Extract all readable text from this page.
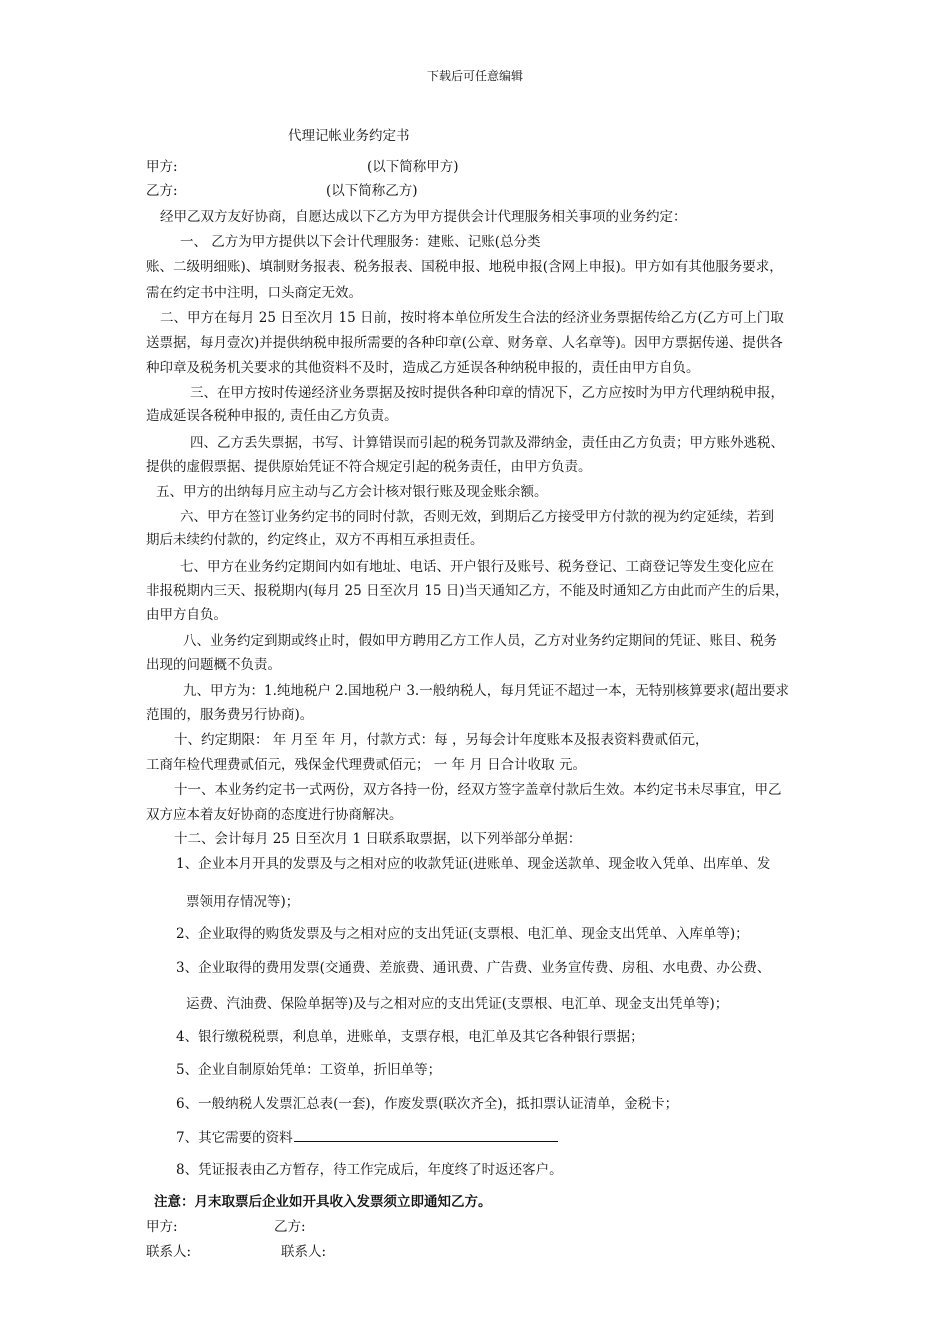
下载后可任意编辑
代理记帐业务约定书
甲方:	(以下简称甲方)
乙方:	(以下简称乙方)
经甲乙双方友好协商，自愿达成以下乙方为甲方提供会计代理服务相关事项的业务约定：
一、 乙方为甲方提供以下会计代理服务：建账、记账(总分类
账、二级明细账)、填制财务报表、税务报表、国税申报、地税申报(含网上申报)。甲方如有其他服务要求，
需在约定书中注明，口头商定无效。
二、甲方在每月 25 日至次月 15 日前，按时将本单位所发生合法的经济业务票据传给乙方(乙方可上门取
送票据，每月壹次)并提供纳税申报所需要的各种印章(公章、财务章、人名章等)。因甲方票据传递、提供各
种印章及税务机关要求的其他资料不及时，造成乙方延误各种纳税申报的，责任由甲方自负。
三、在甲方按时传递经济业务票据及按时提供各种印章的情况下，乙方应按时为甲方代理纳税申报，
造成延误各税种申报的, 责任由乙方负责。
四、乙方丢失票据，书写、计算错误而引起的税务罚款及滞纳金，责任由乙方负责；甲方账外逃税、
提供的虚假票据、提供原始凭证不符合规定引起的税务责任，由甲方负责。
五、甲方的出纳每月应主动与乙方会计核对银行账及现金账余额。
六、甲方在签订业务约定书的同时付款，否则无效，到期后乙方接受甲方付款的视为约定延续，若到
期后未续约付款的，约定终止，双方不再相互承担责任。
七、甲方在业务约定期间内如有地址、电话、开户银行及账号、税务登记、工商登记等发生变化应在
非报税期内三天、报税期内(每月 25 日至次月 15 日)当天通知乙方，不能及时通知乙方由此而产生的后果，
由甲方自负。
八、业务约定到期或终止时，假如甲方聘用乙方工作人员，乙方对业务约定期间的凭证、账目、税务
出现的问题概不负责。
九、甲方为：1.纯地税户 2.国地税户 3.一般纳税人，每月凭证不超过一本，无特别核算要求(超出要求
范围的，服务费另行协商)。
十、约定期限： 年 月至 年 月，付款方式：每 ，另每会计年度账本及报表资料费贰佰元，
工商年检代理费贰佰元，残保金代理费贰佰元； 一 年 月 日合计收取 元。
十一、本业务约定书一式两份，双方各持一份，经双方签字盖章付款后生效。本约定书未尽事宜，甲乙
双方应本着友好协商的态度进行协商解决。
十二、会计每月 25 日至次月 1 日联系取票据，以下列举部分单据：
1、企业本月开具的发票及与之相对应的收款凭证(进账单、现金送款单、现金收入凭单、出库单、发
票领用存情况等)；
2、企业取得的购货发票及与之相对应的支出凭证(支票根、电汇单、现金支出凭单、入库单等)；
3、企业取得的费用发票(交通费、差旅费、通讯费、广告费、业务宣传费、房租、水电费、办公费、
运费、汽油费、保险单据等)及与之相对应的支出凭证(支票根、电汇单、现金支出凭单等)；
4、银行缴税税票，利息单，进账单，支票存根，电汇单及其它各种银行票据；
5、企业自制原始凭单：工资单，折旧单等；
6、一般纳税人发票汇总表(一套)，作废发票(联次齐全)，抵扣票认证清单，金税卡；
7、其它需要的资料
8、凭证报表由乙方暂存，待工作完成后，年度终了时返还客户。
注意：月末取票后企业如开具收入发票须立即通知乙方。
甲方:	乙方:
联系人:	联系人:
